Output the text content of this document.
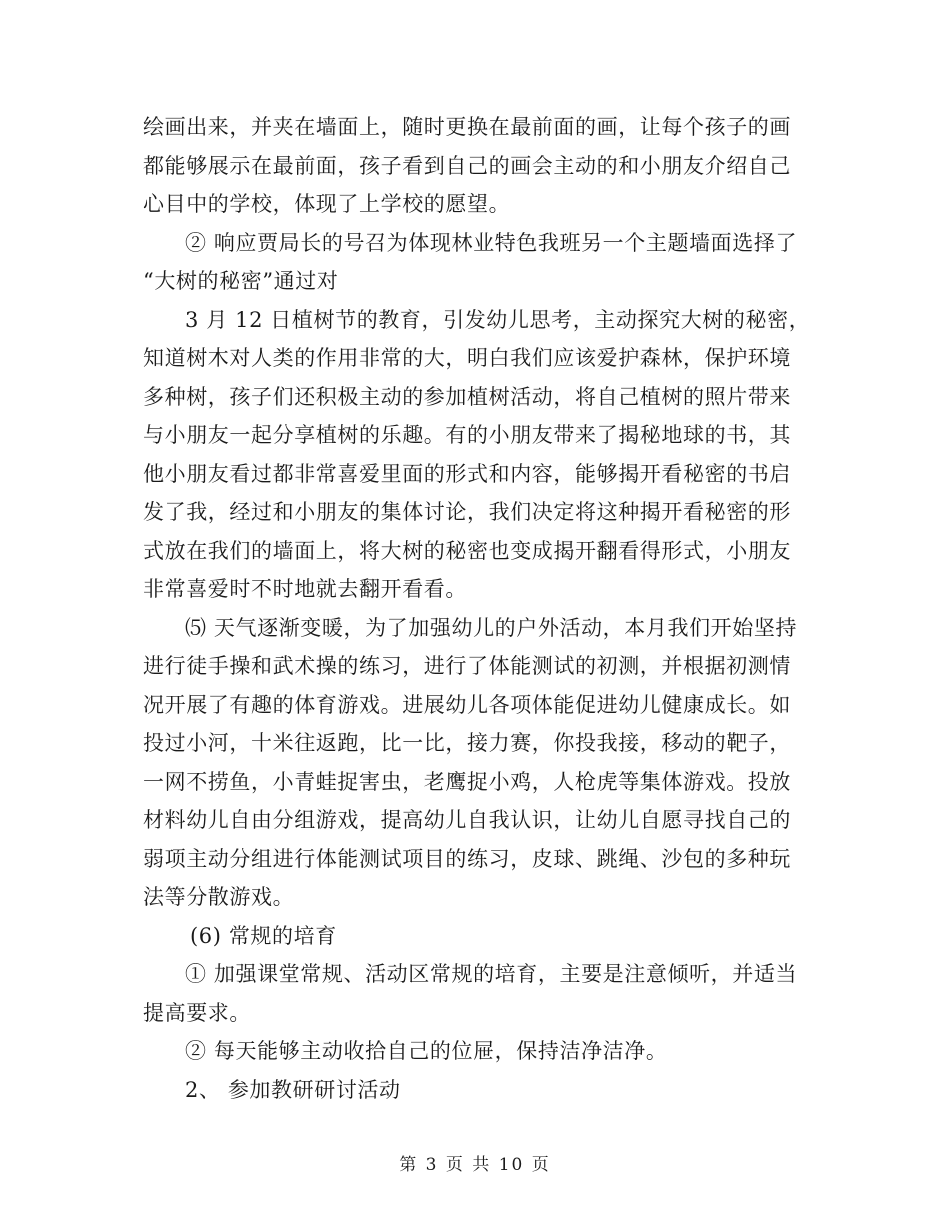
绘画出来，并夹在墙面上，随时更换在最前面的画，让每个孩子的画
都能够展示在最前面，孩子看到自己的画会主动的和小朋友介绍自己
心目中的学校，体现了上学校的愿望。
② 响应贾局长的号召为体现林业特色我班另一个主题墙面选择了
“大树的秘密”通过对
3 月 12 日植树节的教育，引发幼儿思考，主动探究大树的秘密，
知道树木对人类的作用非常的大，明白我们应该爱护森林，保护环境
多种树，孩子们还积极主动的参加植树活动，将自己植树的照片带来
与小朋友一起分享植树的乐趣。有的小朋友带来了揭秘地球的书，其
他小朋友看过都非常喜爱里面的形式和内容，能够揭开看秘密的书启
发了我，经过和小朋友的集体讨论，我们决定将这种揭开看秘密的形
式放在我们的墙面上，将大树的秘密也变成揭开翻看得形式，小朋友
非常喜爱时不时地就去翻开看看。
⑸ 天气逐渐变暖，为了加强幼儿的户外活动，本月我们开始坚持
进行徒手操和武术操的练习，进行了体能测试的初测，并根据初测情
况开展了有趣的体育游戏。进展幼儿各项体能促进幼儿健康成长。如
投过小河，十米往返跑，比一比，接力赛，你投我接，移动的靶子，
一网不捞鱼，小青蛙捉害虫，老鹰捉小鸡，人枪虎等集体游戏。投放
材料幼儿自由分组游戏，提高幼儿自我认识，让幼儿自愿寻找自己的
弱项主动分组进行体能测试项目的练习，皮球、跳绳、沙包的多种玩
法等分散游戏。
(6) 常规的培育
① 加强课堂常规、活动区常规的培育，主要是注意倾听，并适当
提高要求。
② 每天能够主动收拾自己的位屉，保持洁净洁净。
2、 参加教研研讨活动
第 3 页 共 10 页
